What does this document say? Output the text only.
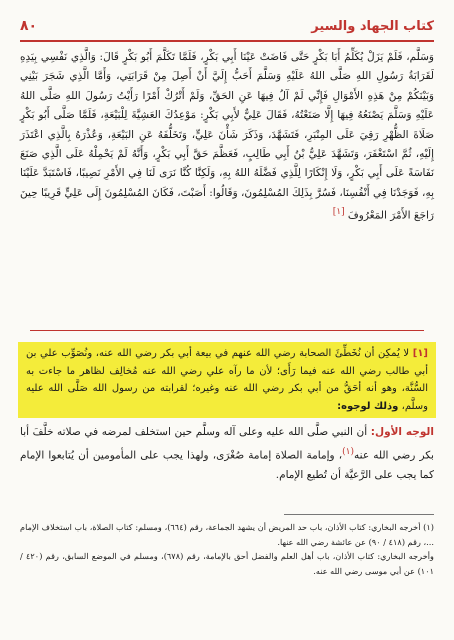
٨٠	كتاب الجهاد والسير

وَسَلَّم، فَلَمْ يَزَلْ يُكَلِّمُ أَبَا بَكْرٍ حَتَّى فَاضَتْ عَيْنَا أَبِي بَكْرٍ، فَلَمَّا تَكَلَّمَ أَبُو بَكْرٍ قَالَ: وَالَّذِي نَفْسِي بِيَدِهِ لَقَرَابَةُ رَسُولِ اللهِ صَلَّى اللهُ عَلَيْهِ وَسَلَّمَ أَحَبُّ إِلَيَّ أَنْ أَصِلَ مِنْ قَرَابَتِي، وَأَمَّا الَّذِي شَجَرَ بَيْنِي وَبَيْنَكُمْ مِنْ هَذِهِ الأَمْوَالِ فَإِنِّي لَمْ آلُ فِيهَا عَنِ الحَقِّ، وَلَمْ أَتْرُكْ أَمْرًا رَأَيْتُ رَسُولَ اللهِ صَلَّى اللهُ عَلَيْهِ وَسَلَّمَ يَصْنَعُهُ فِيهَا إِلَّا صَنَعْتُهُ، فَقَالَ عَلِيٌّ لأَبِي بَكْرٍ: مَوْعِدُكَ العَشِيَّةَ لِلْبَيْعَةِ، فَلَمَّا صَلَّى أَبُو بَكْرٍ صَلَاةَ الظُّهْرِ رَقِيَ عَلَى المِنْبَرِ، فَتَشَهَّدَ، وَذَكَرَ شَأْنَ عَلِيٍّ، وَتَخَلُّفَهُ عَنِ البَيْعَةِ، وَعُذْرَهُ بِالَّذِي اعْتَذَرَ إِلَيْهِ، ثُمَّ اسْتَغْفَرَ، وَتَشَهَّدَ عَلِيُّ بْنُ أَبِي طَالِبٍ، فَعَظَّمَ حَقَّ أَبِي بَكْرٍ، وَأَنَّهُ لَمْ يَحْمِلْهُ عَلَى الَّذِي صَنَعَ نَفَاسَةً عَلَى أَبِي بَكْرٍ، وَلَا إِنْكَارًا لِلَّذِي فَضَّلَهُ اللهُ بِهِ، وَلَكِنَّا كُنَّا نَرَى لَنَا فِي الأَمْرِ نَصِيبًا، فَاسْتَبَدَّ عَلَيْنَا بِهِ، فَوَجَدْنَا فِي أَنْفُسِنَا، فَسُرَّ بِذَلِكَ المُسْلِمُونَ، وَقَالُوا: أَصَبْتَ، فَكَانَ المُسْلِمُونَ إِلَى عَلِيٍّ قَرِيبًا حِينَ رَاجَعَ الأَمْرَ المَعْرُوفَ [١]

[١] لا يُمكِن أن نُخَطِّئَ الصحابة رضي الله عنهم في بيعة أبي بكر رضي الله عنه، ونُصَوِّب علي بن أبي طالب رضي الله عنه فيما رَأَى؛ لأن ما رآه علي رضي الله عنه مُخالِف لظاهر ما جاءت به السُّنَّة، وهو أنه أحَقُّ من أبي بكر رضي الله عنه وغيره؛ لقرابته من رسول الله صَلَّى الله عليه وسلَّم، وذلك لوجوه:

الوجه الأول: أن النبي صلَّى الله عليه وعلى آله وسلَّم حين استخلف لمرضه في صلاته خلَّفَ أبا بكر رضي الله عنه(١)، وإمامة الصلاة إمامة صُغْرَى، ولهذا يجب على المأمومين أن يُتابعوا الإمام كما يجب على الرَّعيَّة أن تُطيع الإمام.

(١) أخرجه البخاري: كتاب الأذان، باب حد المريض أن يشهد الجماعة، رقم (٦٦٤)، ومسلم: كتاب الصلاة، باب استخلاف الإمام ...، رقم (٤١٨ / ٩٠) عن عائشة رضي الله عنها.

وأخرجه البخاري: كتاب الأذان، باب أهل العلم والفضل أحق بالإمامة، رقم (٦٧٨)، ومسلم في الموضع السابق، رقم (٤٢٠ / ١٠١) عن أبي موسى رضي الله عنه.
